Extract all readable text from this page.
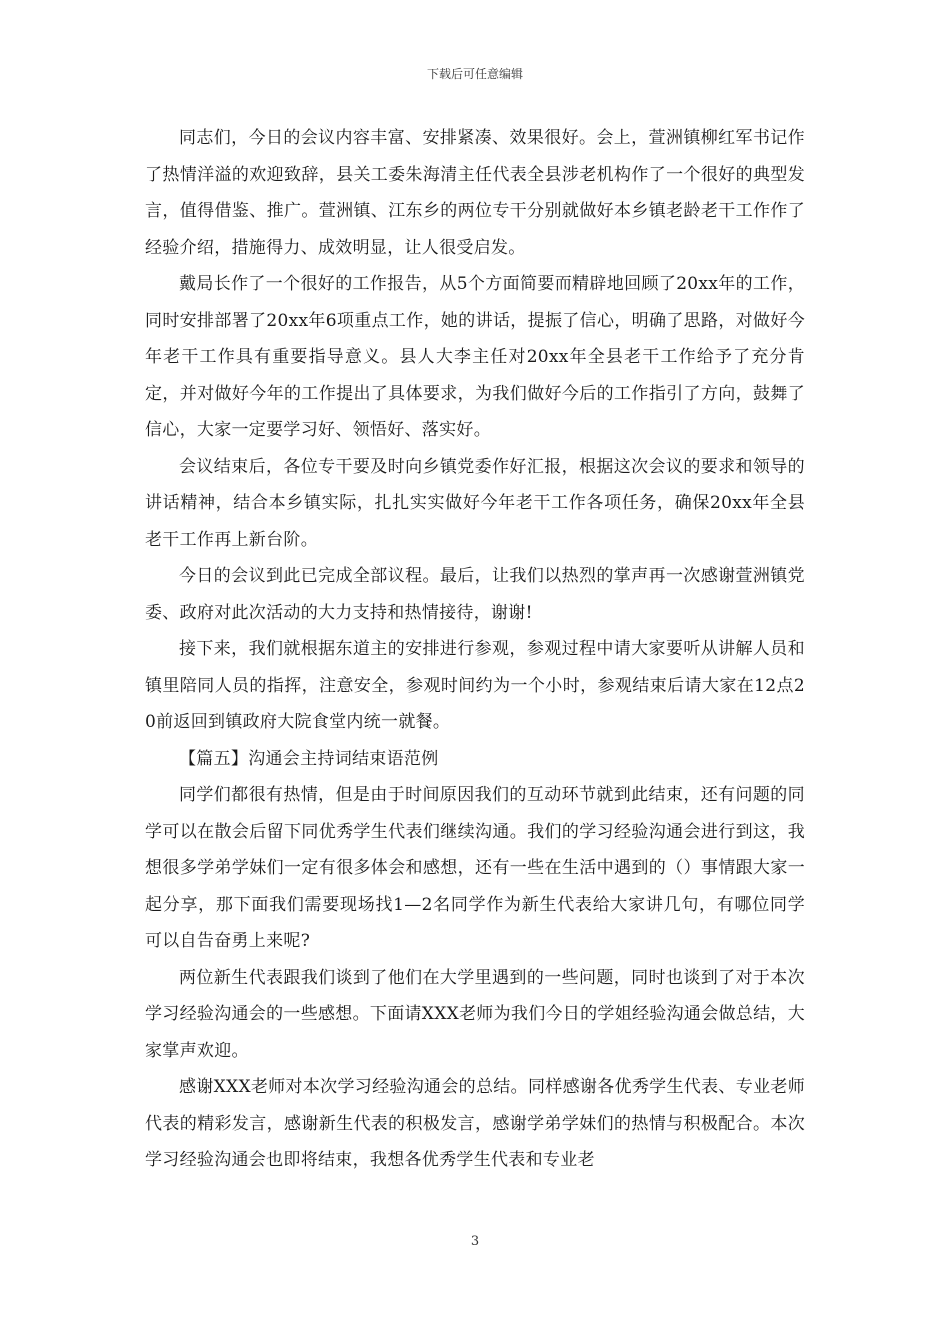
下载后可任意编辑

同志们，今日的会议内容丰富、安排紧凑、效果很好。会上，萱洲镇柳红军书记作了热情洋溢的欢迎致辞，县关工委朱海清主任代表全县涉老机构作了一个很好的典型发言，值得借鉴、推广。萱洲镇、江东乡的两位专干分别就做好本乡镇老龄老干工作作了经验介绍，措施得力、成效明显，让人很受启发。

戴局长作了一个很好的工作报告，从5个方面简要而精辟地回顾了20xx年的工作，同时安排部署了20xx年6项重点工作，她的讲话，提振了信心，明确了思路，对做好今年老干工作具有重要指导意义。县人大李主任对20xx年全县老干工作给予了充分肯定，并对做好今年的工作提出了具体要求，为我们做好今后的工作指引了方向，鼓舞了信心，大家一定要学习好、领悟好、落实好。

会议结束后，各位专干要及时向乡镇党委作好汇报，根据这次会议的要求和领导的讲话精神，结合本乡镇实际，扎扎实实做好今年老干工作各项任务，确保20xx年全县老干工作再上新台阶。

今日的会议到此已完成全部议程。最后，让我们以热烈的掌声再一次感谢萱洲镇党委、政府对此次活动的大力支持和热情接待，谢谢!

接下来，我们就根据东道主的安排进行参观，参观过程中请大家要听从讲解人员和镇里陪同人员的指挥，注意安全，参观时间约为一个小时，参观结束后请大家在12点20前返回到镇政府大院食堂内统一就餐。

【篇五】沟通会主持词结束语范例

同学们都很有热情，但是由于时间原因我们的互动环节就到此结束，还有问题的同学可以在散会后留下同优秀学生代表们继续沟通。我们的学习经验沟通会进行到这，我想很多学弟学妹们一定有很多体会和感想，还有一些在生活中遇到的（）事情跟大家一起分享，那下面我们需要现场找1—2名同学作为新生代表给大家讲几句，有哪位同学可以自告奋勇上来呢?

两位新生代表跟我们谈到了他们在大学里遇到的一些问题，同时也谈到了对于本次学习经验沟通会的一些感想。下面请XXX老师为我们今日的学姐经验沟通会做总结，大家掌声欢迎。

感谢XXX老师对本次学习经验沟通会的总结。同样感谢各优秀学生代表、专业老师代表的精彩发言，感谢新生代表的积极发言，感谢学弟学妹们的热情与积极配合。本次学习经验沟通会也即将结束，我想各优秀学生代表和专业老

3
